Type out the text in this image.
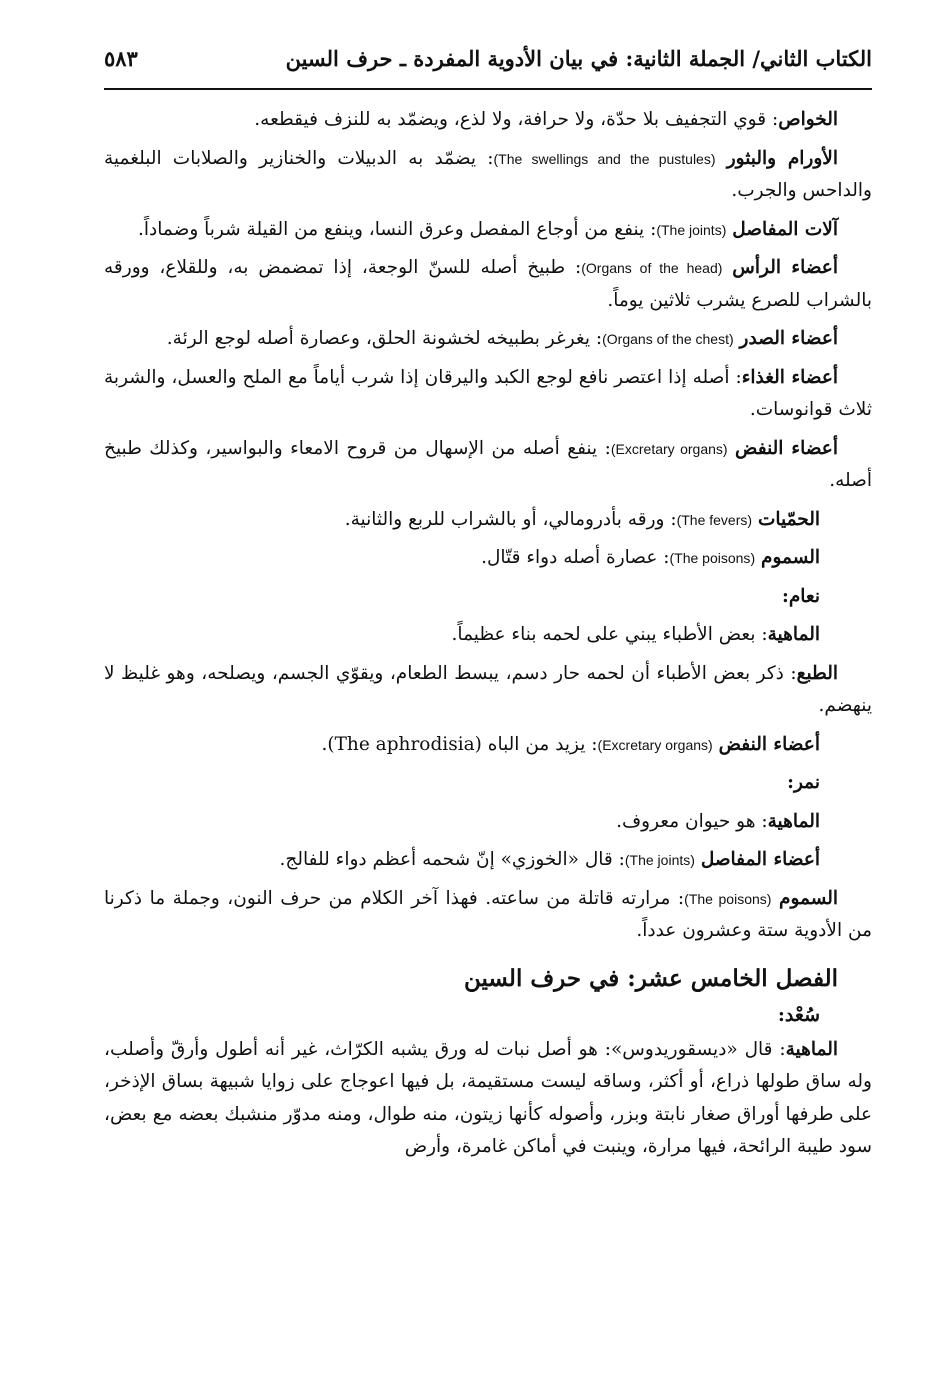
الكتاب الثاني/ الجملة الثانية: في بيان الأدوية المفردة ـ حرف السين
٥٨٣

الخواص: قوي التجفيف بلا حدّة، ولا حرافة، ولا لذع، ويضمّد به للنزف فيقطعه.

الأورام والبثور (The swellings and the pustules): يضمّد به الدبيلات والخنازير والصلابات البلغمية والداحس والجرب.

آلات المفاصل (The joints): ينفع من أوجاع المفصل وعرق النسا، وينفع من القيلة شرباً وضماداً.

أعضاء الرأس (Organs of the head): طبيخ أصله للسنّ الوجعة، إذا تمضمض به، وللقلاع، وورقه بالشراب للصرع يشرب ثلاثين يوماً.

أعضاء الصدر (Organs of the chest): يغرغر بطبيخه لخشونة الحلق، وعصارة أصله لوجع الرئة.

أعضاء الغذاء: أصله إذا اعتصر نافع لوجع الكبد واليرقان إذا شرب أياماً مع الملح والعسل، والشربة ثلاث قوانوسات.

أعضاء النفض (Excretary organs): ينفع أصله من الإسهال من قروح الامعاء والبواسير، وكذلك طبيخ أصله.

الحمّيات (The fevers): ورقه بأدرومالي، أو بالشراب للربع والثانية.

السموم (The poisons): عصارة أصله دواء قتّال.

نعام:

الماهية: بعض الأطباء يبني على لحمه بناء عظيماً.

الطبع: ذكر بعض الأطباء أن لحمه حار دسم، يبسط الطعام، ويقوّي الجسم، ويصلحه، وهو غليظ لا ينهضم.

أعضاء النفض (Excretary organs): يزيد من الباه (The aphrodisia).

نمر:

الماهية: هو حيوان معروف.

أعضاء المفاصل (The joints): قال «الخوزي» إنّ شحمه أعظم دواء للفالج.

السموم (The poisons): مرارته قاتلة من ساعته. فهذا آخر الكلام من حرف النون، وجملة ما ذكرنا من الأدوية ستة وعشرون عدداً.

الفصل الخامس عشر: في حرف السين

سُعْد:

الماهية: قال «ديسقوريدوس»: هو أصل نبات له ورق يشبه الكرّاث، غير أنه أطول وأرقّ وأصلب، وله ساق طولها ذراع، أو أكثر، وساقه ليست مستقيمة، بل فيها اعوجاج على زوايا شبيهة بساق الإذخر، على طرفها أوراق صغار نابتة وبزر، وأصوله كأنها زيتون، منه طوال، ومنه مدوّر منشبك بعضه مع بعض، سود طيبة الرائحة، فيها مرارة، وينبت في أماكن غامرة، وأرض
